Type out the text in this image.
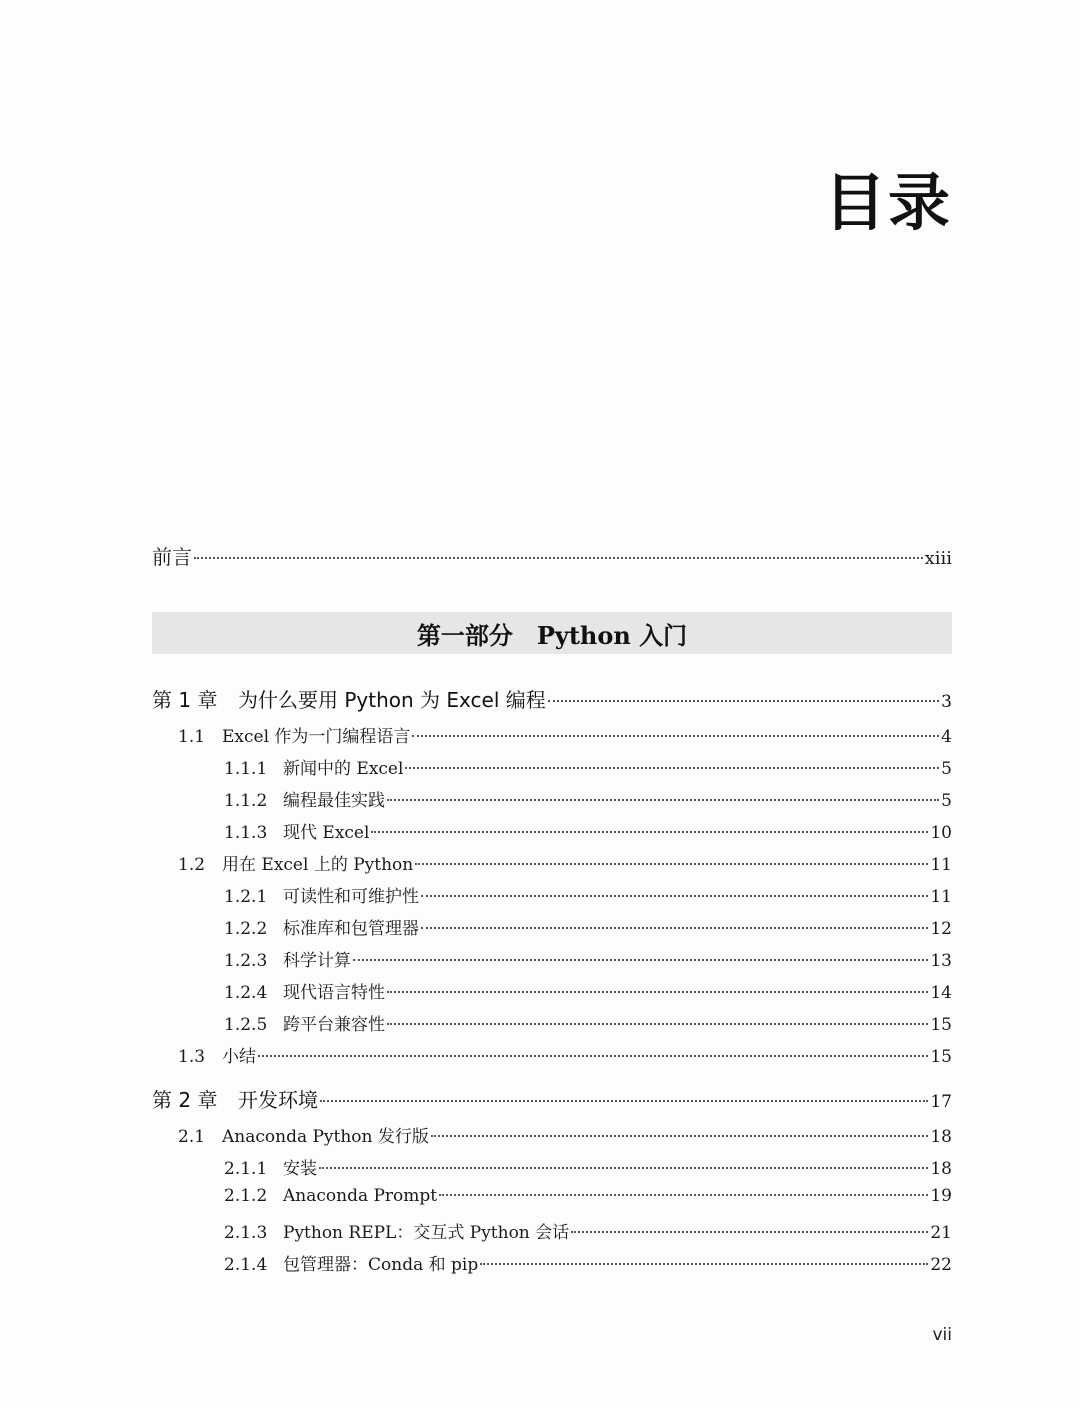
目录
前言	xiii
第一部分　Python 入门
第 1 章	为什么要用 Python 为 Excel 编程	3
1.1 Excel 作为一门编程语言	4
1.1.1 新闻中的 Excel	5
1.1.2 编程最佳实践	5
1.1.3 现代 Excel	10
1.2 用在 Excel 上的 Python	11
1.2.1 可读性和可维护性	11
1.2.2 标准库和包管理器	12
1.2.3 科学计算	13
1.2.4 现代语言特性	14
1.2.5 跨平台兼容性	15
1.3 小结	15
第 2 章	开发环境	17
2.1 Anaconda Python 发行版	18
2.1.1 安装	18
2.1.2 Anaconda Prompt	19
2.1.3 Python REPL：交互式 Python 会话	21
2.1.4 包管理器：Conda 和 pip	22
vii
